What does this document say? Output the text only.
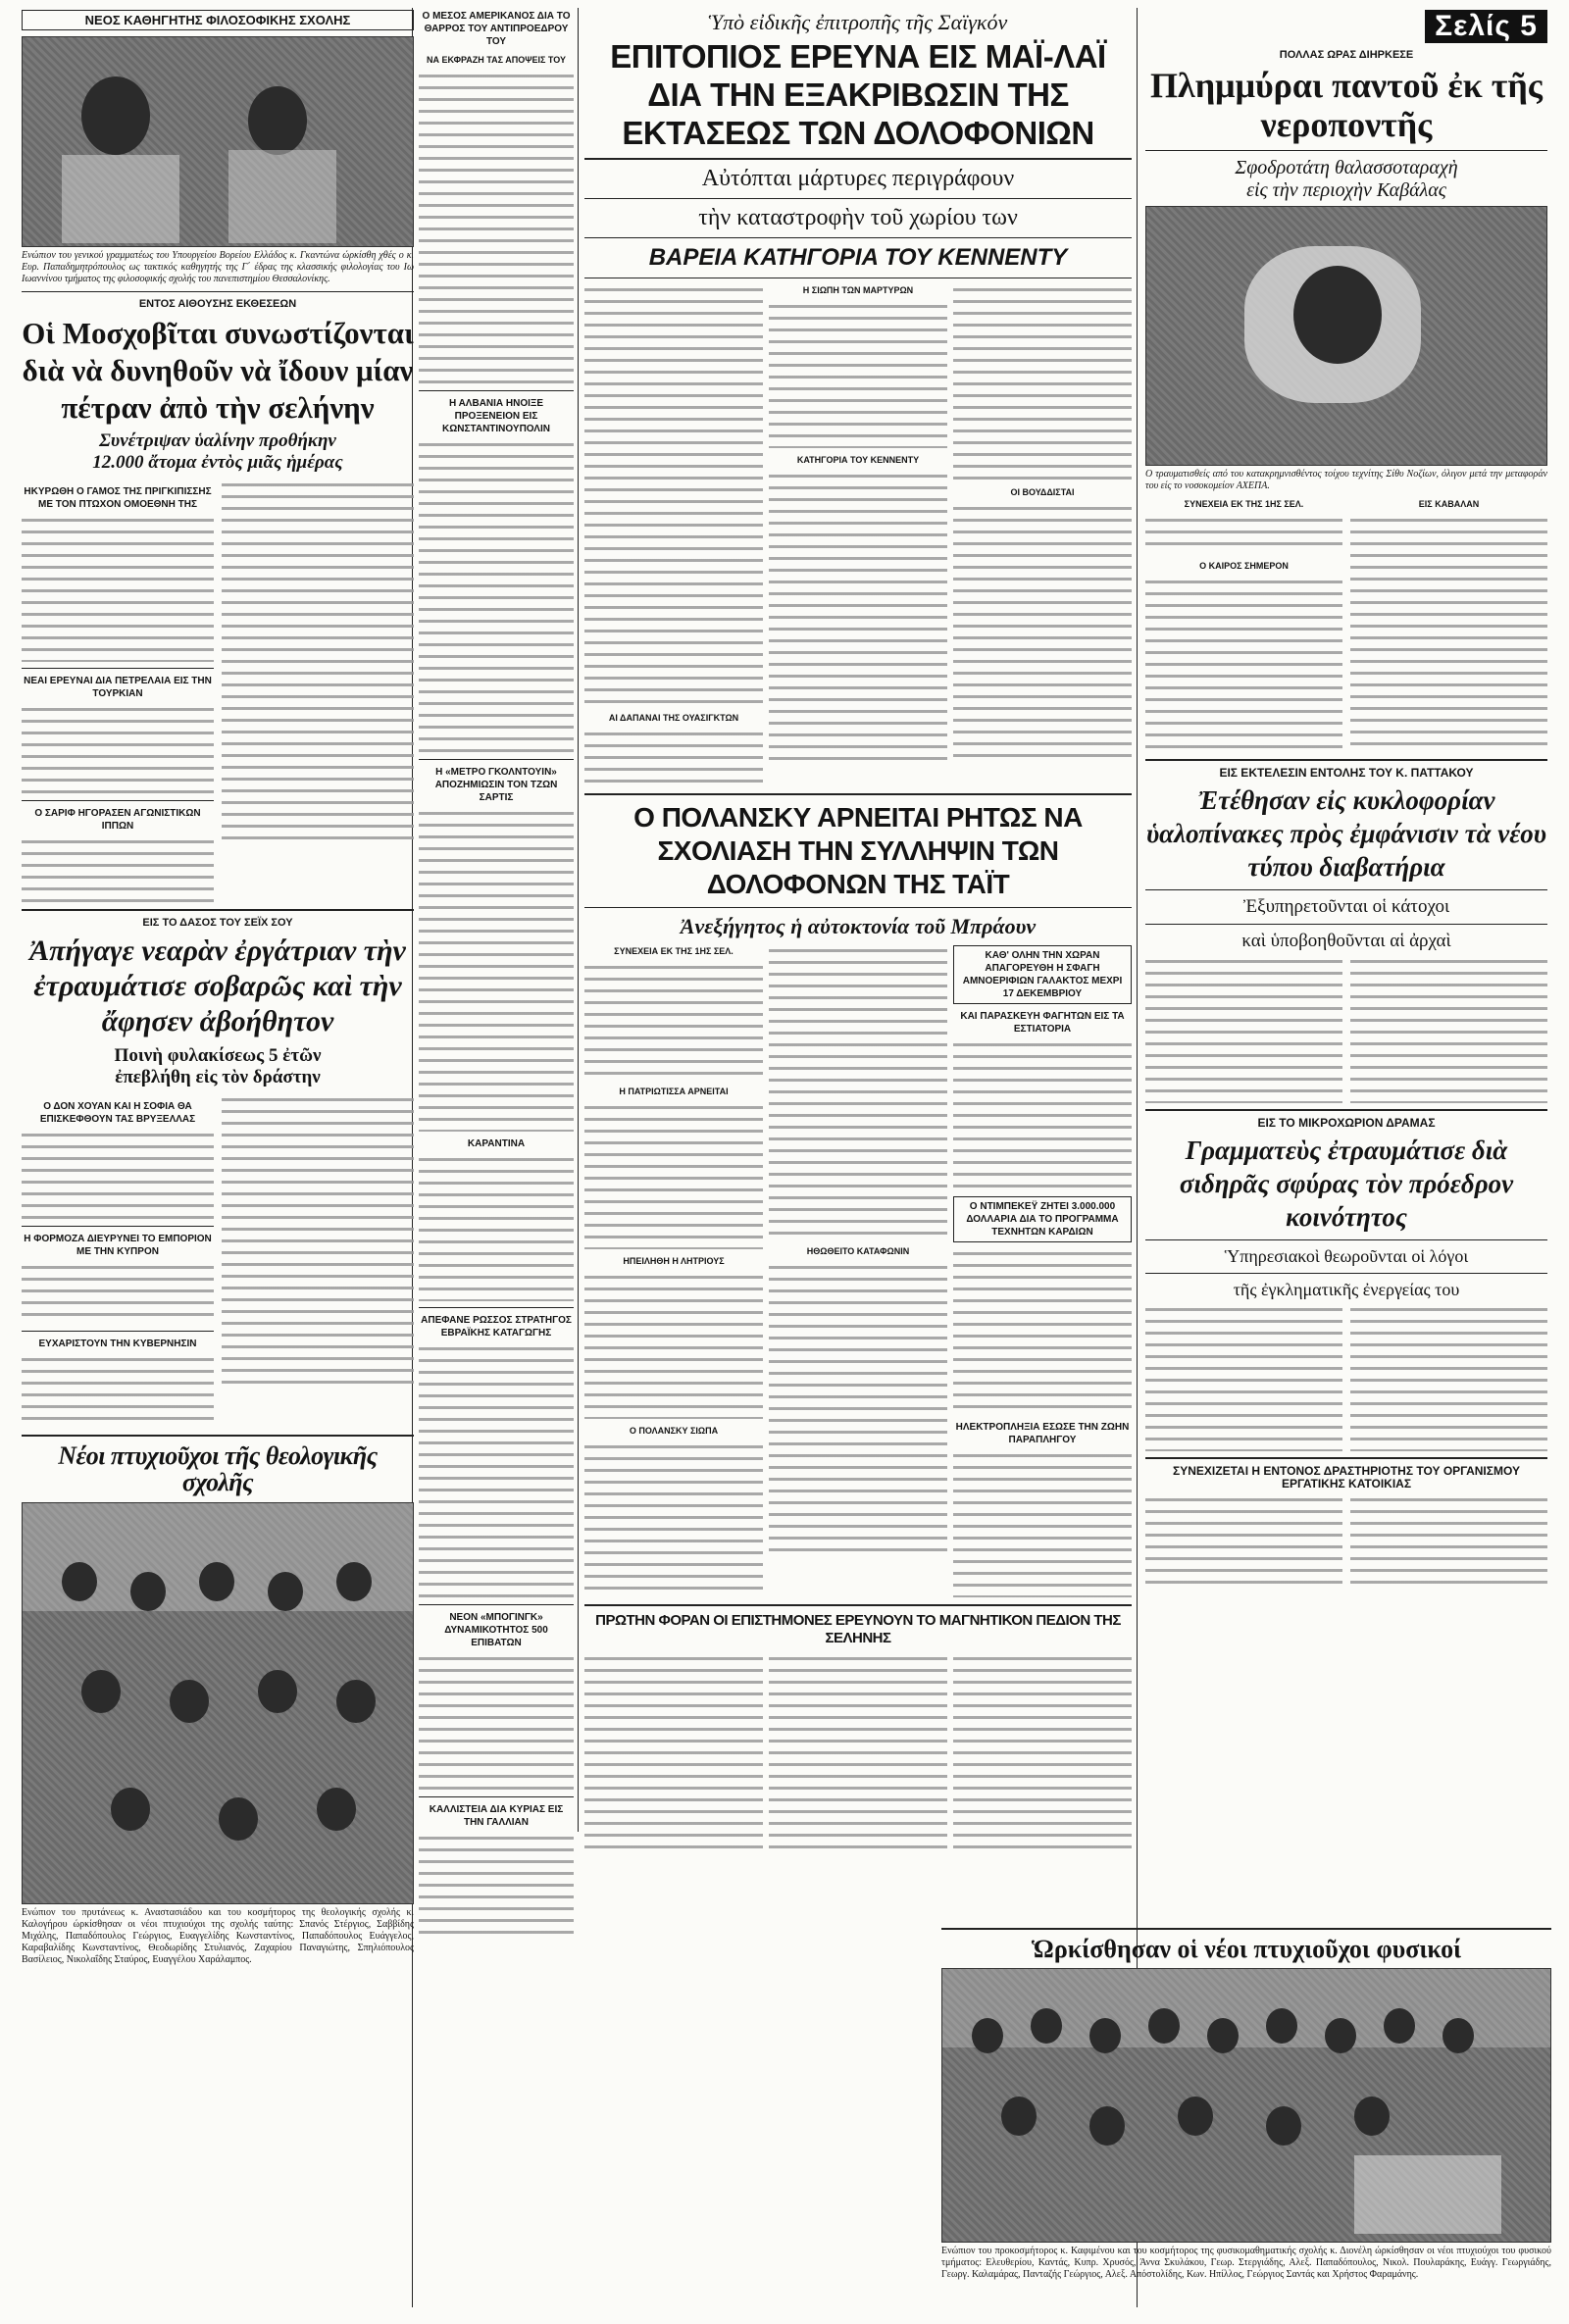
ΝΕΟΣ ΚΑΘΗΓΗΤΗΣ ΦΙΛΟΣΟΦΙΚΗΣ ΣΧΟΛΗΣ
Ενώπιον του γενικού γραμματέως του Υπουργείου Βορείου Ελλάδος κ. Γκαντώνα ώρκίσθη χθές ο κ. Ευρ. Παπαδημητρόπουλος ως τακτικός καθηγητής της Γ΄ έδρας της κλασσικής φιλολογίας του Ιω Ιωαννίνου τμήματος της φιλοσοφικής σχολής του πανεπιστημίου Θεσσαλονίκης.
ΕΝΤΟΣ ΑΙΘΟΥΣΗΣ ΕΚΘΕΣΕΩΝ
Οἱ Μοσχοβῖται συνωστίζονται διὰ νὰ δυνηθοῦν νὰ ἴδουν μίαν πέτραν ἀπὸ τὴν σελήνην
Συνέτριψαν ὑαλίνην προθήκην
12.000 ἄτομα ἐντὸς μιᾶς ἡμέρας
ΗΚΥΡΩΘΗ Ο ΓΑΜΟΣ ΤΗΣ ΠΡΙΓΚΙΠΙΣΣΗΣ ΜΕ ΤΟΝ ΠΤΩΧΟΝ ΟΜΟΕΘΝΗ ΤΗΣ
ΝΕΑΙ ΕΡΕΥΝΑΙ ΔΙΑ ΠΕΤΡΕΛΑΙΑ ΕΙΣ ΤΗΝ ΤΟΥΡΚΙΑΝ
Ο ΣΑΡΙΦ ΗΓΟΡΑΣΕΝ ΑΓΩΝΙΣΤΙΚΩΝ ΙΠΠΩΝ
ΕΙΣ ΤΟ ΔΑΣΟΣ ΤΟΥ ΣΕΪΧ ΣΟΥ
Ἀπήγαγε νεαρὰν ἐργάτριαν τὴν ἐτραυμάτισε σοβαρῶς καὶ τὴν ἄφησεν ἀβοήθητον
Ποινὴ φυλακίσεως 5 ἐτῶν
ἐπεβλήθη εἰς τὸν δράστην
Ο ΔΟΝ ΧΟΥΑΝ ΚΑΙ Η ΣΟΦΙΑ ΘΑ ΕΠΙΣΚΕΦΘΟΥΝ ΤΑΣ ΒΡΥΞΕΛΛΑΣ
Η ΦΟΡΜΟΖΑ ΔΙΕΥΡΥΝΕΙ ΤΟ ΕΜΠΟΡΙΟΝ ΜΕ ΤΗΝ ΚΥΠΡΟΝ
ΕΥΧΑΡΙΣΤΟΥΝ ΤΗΝ ΚΥΒΕΡΝΗΣΙΝ
Νέοι πτυχιοῦχοι τῆς θεολογικῆς σχολῆς
Ενώπιον του πρυτάνεως κ. Αναστασιάδου και του κοσμήτορος της θεολογικής σχολής κ. Καλογήρου ώρκίσθησαν οι νέοι πτυχιούχοι της σχολής ταύτης: Σπανός Στέργιος, Σαββίδης Μιχάλης, Παπαδόπουλος Γεώργιος, Ευαγγελίδης Κωνσταντίνος, Παπαδόπουλος Ευάγγελος, Καραβαλίδης Κωνσταντίνος, Θεοδωρίδης Στυλιανός, Ζαχαρίου Παναγιώτης, Σπηλιόπουλος Βασίλειος, Νικολαΐδης Σταύρος, Ευαγγέλου Χαράλαμπος.
Ο ΜΕΣΟΣ ΑΜΕΡΙΚΑΝΟΣ ΔΙΑ ΤΟ ΘΑΡΡΟΣ ΤΟΥ ΑΝΤΙΠΡΟΕΔΡΟΥ ΤΟΥ
ΝΑ ΕΚΦΡΑΖΗ ΤΑΣ ΑΠΟΨΕΙΣ ΤΟΥ
Η ΑΛΒΑΝΙΑ ΗΝΟΙΞΕ ΠΡΟΞΕΝΕΙΟΝ ΕΙΣ ΚΩΝΣΤΑΝΤΙΝΟΥΠΟΛΙΝ
Η «ΜΕΤΡΟ ΓΚΟΛΝΤΟΥΙΝ» ΑΠΟΖΗΜΙΩΣΙΝ ΤΟΝ ΤΖΩΝ ΣΑΡΤΙΣ
ΚΑΡΑΝΤΙΝΑ
ΑΠΕΦΑΝΕ ΡΩΣΣΟΣ ΣΤΡΑΤΗΓΟΣ ΕΒΡΑΪΚΗΣ ΚΑΤΑΓΩΓΗΣ
ΝΕΟΝ «ΜΠΟΓΙΝΓΚ» ΔΥΝΑΜΙΚΟΤΗΤΟΣ 500 ΕΠΙΒΑΤΩΝ
ΚΑΛΛΙΣΤΕΙΑ ΔΙΑ ΚΥΡΙΑΣ ΕΙΣ ΤΗΝ ΓΑΛΛΙΑΝ
Ὑπὸ εἰδικῆς ἐπιτροπῆς τῆς Σαϊγκόν
ΕΠΙΤΟΠΙΟΣ ΕΡΕΥΝΑ ΕΙΣ ΜΑΪ-ΛΑΪ ΔΙΑ ΤΗΝ ΕΞΑΚΡΙΒΩΣΙΝ ΤΗΣ ΕΚΤΑΣΕΩΣ ΤΩΝ ΔΟΛΟΦΟΝΙΩΝ
Αὐτόπται μάρτυρες περιγράφουν
τὴν καταστροφὴν τοῦ χωρίου των
ΒΑΡΕΙΑ ΚΑΤΗΓΟΡΙΑ ΤΟΥ ΚΕΝΝΕΝΤΥ
ΑΙ ΔΑΠΑΝΑΙ ΤΗΣ ΟΥΑΣΙΓΚΤΩΝ
Η ΣΙΩΠΗ ΤΩΝ ΜΑΡΤΥΡΩΝ
ΚΑΤΗΓΟΡΙΑ ΤΟΥ ΚΕΝΝΕΝΤΥ
ΟΙ ΒΟΥΔΔΙΣΤΑΙ
Ο ΠΟΛΑΝΣΚΥ ΑΡΝΕΙΤΑΙ ΡΗΤΩΣ ΝΑ ΣΧΟΛΙΑΣΗ ΤΗΝ ΣΥΛΛΗΨΙΝ ΤΩΝ ΔΟΛΟΦΟΝΩΝ ΤΗΣ ΤΑΪΤ
Ἀνεξήγητος ἡ αὐτοκτονία τοῦ Μπράουν
ΣΥΝΕΧΕΙΑ ΕΚ ΤΗΣ 1ΗΣ ΣΕΛ.
Η ΠΑΤΡΙΩΤΙΣΣΑ ΑΡΝΕΙΤΑΙ
ΗΠΕΙΛΗΘΗ Η ΛΗΤΡΙΟΥΣ
Ο ΠΟΛΑΝΣΚΥ ΣΙΩΠΑ
ΗΘΩΘΕΙΤΟ ΚΑΤΑΦΩΝΙΝ
ΚΑΘ' ΟΛΗΝ ΤΗΝ ΧΩΡΑΝ ΑΠΑΓΟΡΕΥΘΗ Η ΣΦΑΓΗ ΑΜΝΟΕΡΙΦΙΩΝ ΓΑΛΑΚΤΟΣ ΜΕΧΡΙ 17 ΔΕΚΕΜΒΡΙΟΥ
ΚΑΙ ΠΑΡΑΣΚΕΥΗ ΦΑΓΗΤΩΝ ΕΙΣ ΤΑ ΕΣΤΙΑΤΟΡΙΑ
Ο ΝΤΙΜΠΕΚΕΫ ΖΗΤΕΙ 3.000.000 ΔΟΛΛΑΡΙΑ ΔΙΑ ΤΟ ΠΡΟΓΡΑΜΜΑ ΤΕΧΝΗΤΩΝ ΚΑΡΔΙΩΝ
ΗΛΕΚΤΡΟΠΛΗΞΙΑ ΕΣΩΣΕ ΤΗΝ ΖΩΗΝ ΠΑΡΑΠΛΗΓΟΥ
ΠΡΩΤΗΝ ΦΟΡΑΝ ΟΙ ΕΠΙΣΤΗΜΟΝΕΣ ΕΡΕΥΝΟΥΝ ΤΟ ΜΑΓΝΗΤΙΚΟΝ ΠΕΔΙΟΝ ΤΗΣ ΣΕΛΗΝΗΣ
Σελίς 5
ΠΟΛΛΑΣ ΩΡΑΣ ΔΙΗΡΚΕΣΕ
Πλημμύραι παντοῦ ἐκ τῆς νεροποντῆς
Σφοδροτάτη θαλασσοταραχὴ
εἰς τὴν περιοχὴν Καβάλας
Ο τραυματισθείς από του κατακρημνισθέντος τοίχου τεχνίτης Σίθυ Νοζίων, όλιγον μετά την μεταφοράν του είς το νοσοκομείον ΑΧΕΠΑ.
ΣΥΝΕΧΕΙΑ ΕΚ ΤΗΣ 1ΗΣ ΣΕΛ.
Ο ΚΑΙΡΟΣ ΣΗΜΕΡΟΝ
ΕΙΣ ΚΑΒΑΛΑΝ
ΕΙΣ ΕΚΤΕΛΕΣΙΝ ΕΝΤΟΛΗΣ ΤΟΥ Κ. ΠΑΤΤΑΚΟΥ
Ἐτέθησαν εἰς κυκλοφορίαν ὑαλοπίνακες πρὸς ἐμφάνισιν τὰ νέου τύπου διαβατήρια
Ἐξυπηρετοῦνται οἱ κάτοχοι
καὶ ὑποβοηθοῦνται αἱ ἀρχαὶ
ΕΙΣ ΤΟ ΜΙΚΡΟΧΩΡΙΟΝ ΔΡΑΜΑΣ
Γραμματεὺς ἐτραυμάτισε διὰ σιδηρᾶς σφύρας τὸν πρόεδρον κοινότητος
Ὑπηρεσιακοὶ θεωροῦνται οἱ λόγοι
τῆς ἐγκληματικῆς ἐνεργείας του
ΣΥΝΕΧΙΖΕΤΑΙ Η ΕΝΤΟΝΟΣ ΔΡΑΣΤΗΡΙΟΤΗΣ ΤΟΥ ΟΡΓΑΝΙΣΜΟΥ ΕΡΓΑΤΙΚΗΣ ΚΑΤΟΙΚΙΑΣ
Ὡρκίσθησαν οἱ νέοι πτυχιοῦχοι φυσικοί
Ενώπιον του προκοσμήτορος κ. Καφιμένου και του κοσμήτορος της φυσικομαθηματικής σχολής κ. Διονέλη ώρκίσθησαν οι νέοι πτυχιούχοι του φυσικού τμήματος: Ελευθερίου, Καντάς, Κυπρ. Χρυσός, Άννα Σκυλάκου, Γεωρ. Στεργιάδης, Αλεξ. Παπαδόπουλος, Νικολ. Πουλαράκης, Ευάγγ. Γεωργιάδης, Γεωργ. Καλαμάρας, Πανταζής Γεώργιος, Αλεξ. Απόστολίδης, Κων. Ηπίλλος, Γεώργιος Σαντάς και Χρήστος Φαραμάνης.
